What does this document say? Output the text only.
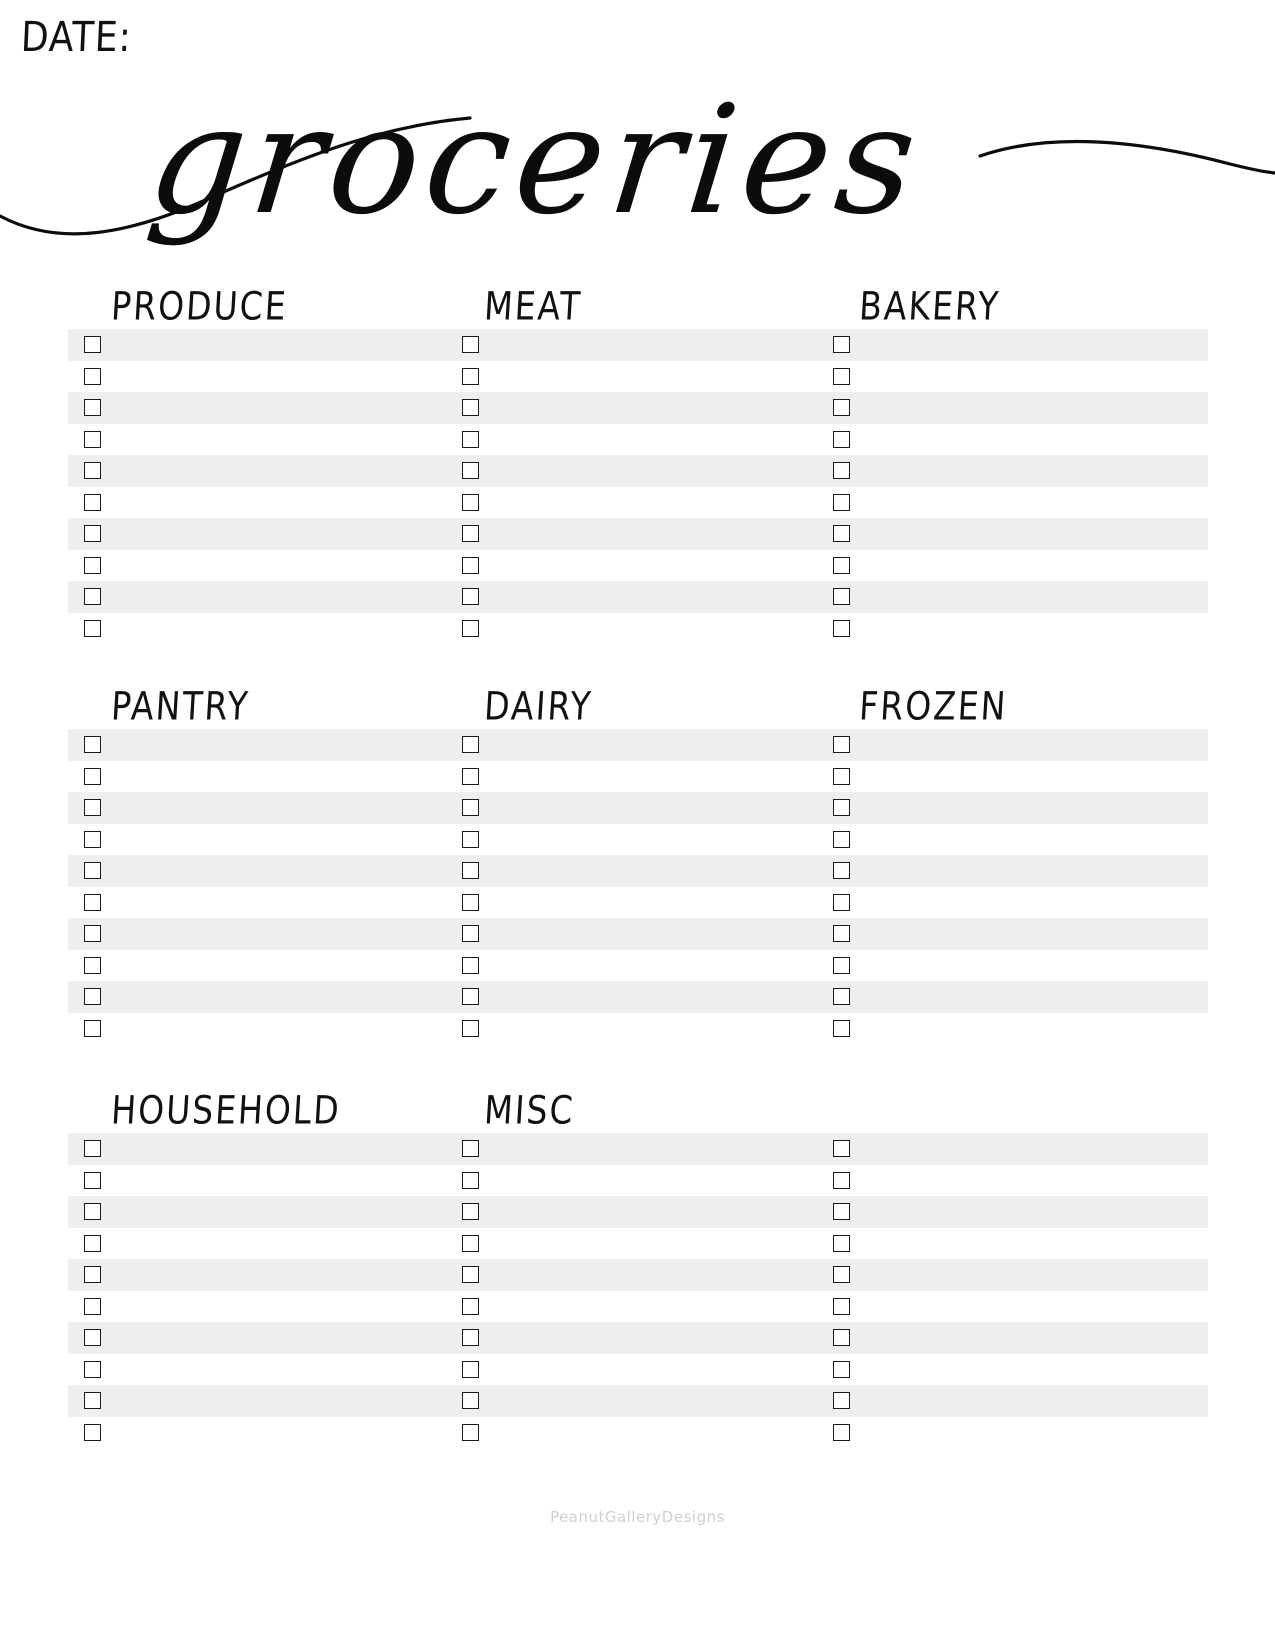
DATE:
groceries
PeanutGalleryDesigns
PRODUCE	MEAT	BAKERY
PANTRY	DAIRY	FROZEN
HOUSEHOLD	MISC
